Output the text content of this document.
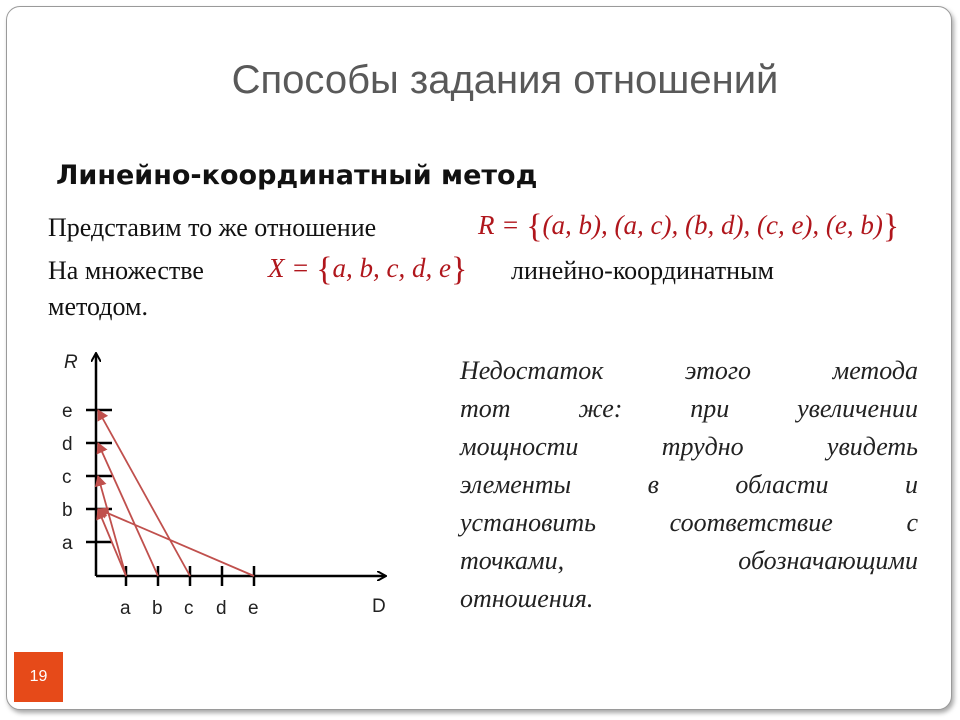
Способы задания отношений
Линейно-координатный метод
Представим то же отношение	R = {(a, b), (a, c), (b, d), (c, e), (e, b)}
На множестве X = {a, b, c, d, e} линейно-координатным
методом.
R
D
a b c d e
a
b
c
d
e
Недостаток этого метода
тот же: при увеличении
мощности трудно увидеть
элементы в области и
установить соответствие с
точками, обозначающими
отношения.
19
